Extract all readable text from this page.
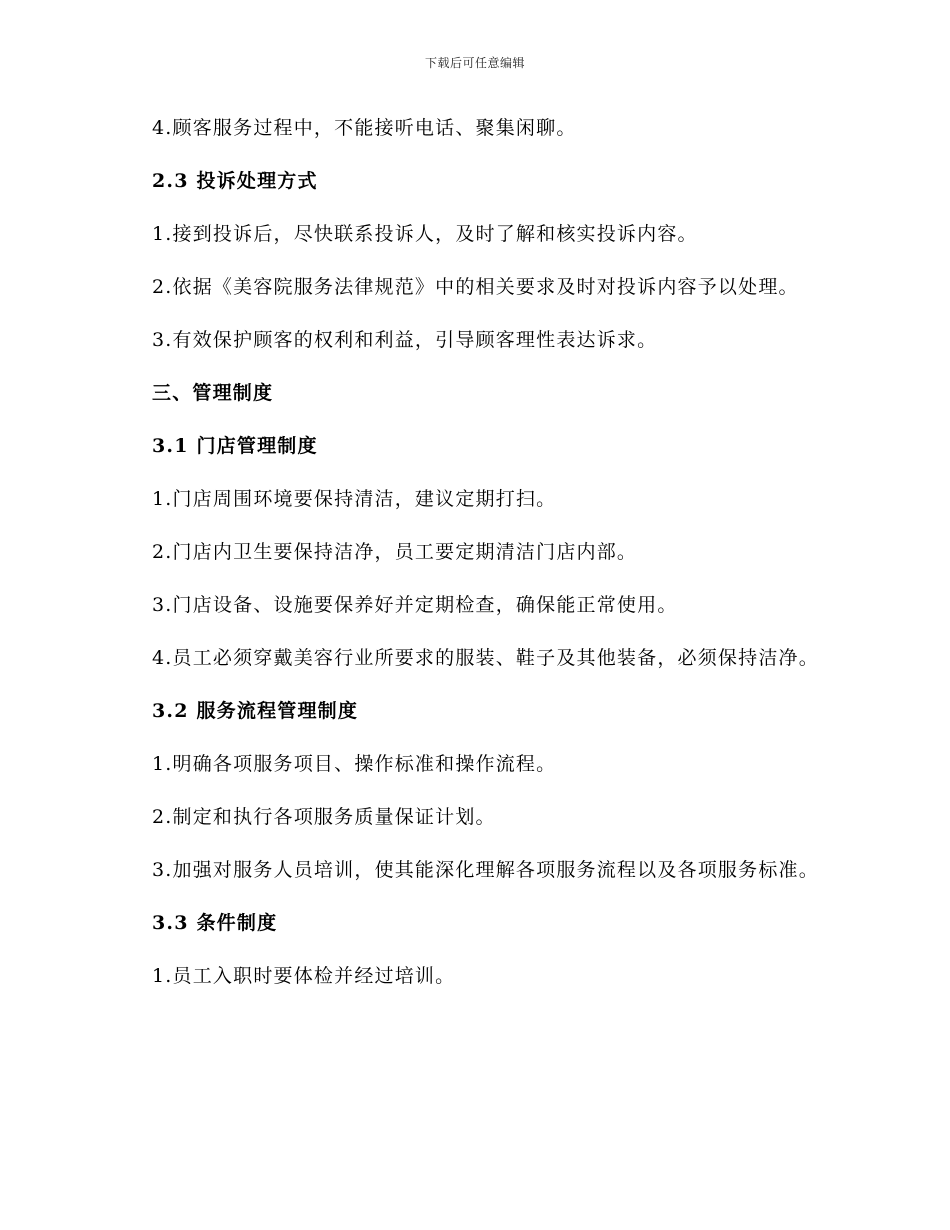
下载后可任意编辑

4.顾客服务过程中，不能接听电话、聚集闲聊。

2.3 投诉处理方式

1.接到投诉后，尽快联系投诉人，及时了解和核实投诉内容。

2.依据《美容院服务法律规范》中的相关要求及时对投诉内容予以处理。

3.有效保护顾客的权利和利益，引导顾客理性表达诉求。

三、管理制度

3.1 门店管理制度

1.门店周围环境要保持清洁，建议定期打扫。

2.门店内卫生要保持洁净，员工要定期清洁门店内部。

3.门店设备、设施要保养好并定期检查，确保能正常使用。

4.员工必须穿戴美容行业所要求的服装、鞋子及其他装备，必须保持洁净。

3.2 服务流程管理制度

1.明确各项服务项目、操作标准和操作流程。

2.制定和执行各项服务质量保证计划。

3.加强对服务人员培训，使其能深化理解各项服务流程以及各项服务标准。

3.3 条件制度

1.员工入职时要体检并经过培训。
